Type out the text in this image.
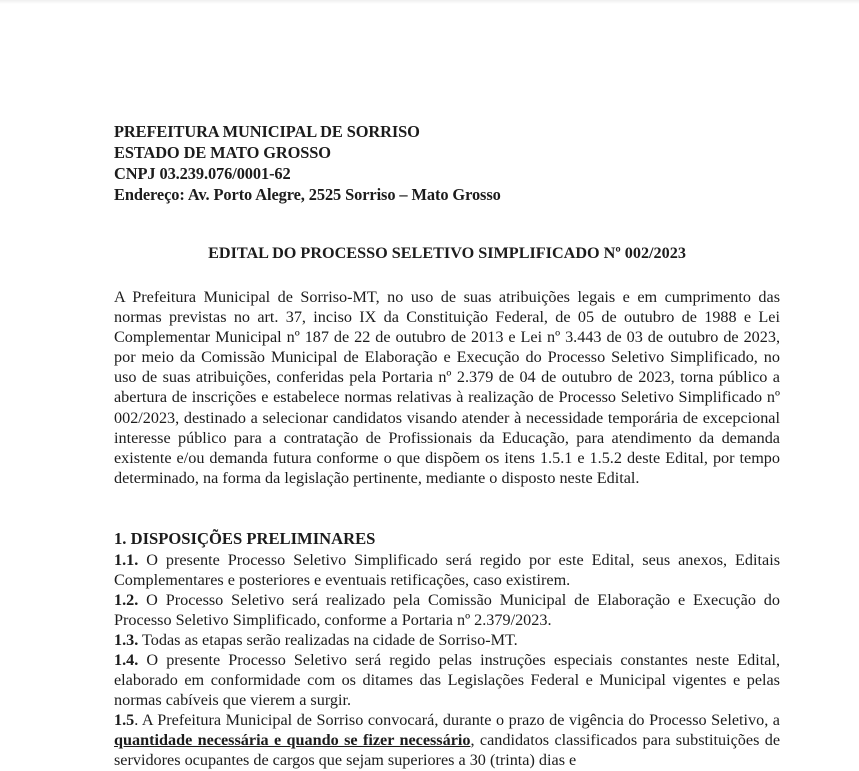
PREFEITURA MUNICIPAL DE SORRISO
ESTADO DE MATO GROSSO
CNPJ 03.239.076/0001-62
Endereço: Av. Porto Alegre, 2525 Sorriso – Mato Grosso
EDITAL DO PROCESSO SELETIVO SIMPLIFICADO Nº 002/2023

A Prefeitura Municipal de Sorriso-MT, no uso de suas atribuições legais e em cumprimento das normas previstas no art. 37, inciso IX da Constituição Federal, de 05 de outubro de 1988 e Lei Complementar Municipal nº 187 de 22 de outubro de 2013 e Lei nº 3.443 de 03 de outubro de 2023, por meio da Comissão Municipal de Elaboração e Execução do Processo Seletivo Simplificado, no uso de suas atribuições, conferidas pela Portaria nº 2.379 de 04 de outubro de 2023, torna público a abertura de inscrições e estabelece normas relativas à realização de Processo Seletivo Simplificado nº 002/2023, destinado a selecionar candidatos visando atender à necessidade temporária de excepcional interesse público para a contratação de Profissionais da Educação, para atendimento da demanda existente e/ou demanda futura conforme o que dispõem os itens 1.5.1 e 1.5.2 deste Edital, por tempo determinado, na forma da legislação pertinente, mediante o disposto neste Edital.

1. DISPOSIÇÕES PRELIMINARES

1.1. O presente Processo Seletivo Simplificado será regido por este Edital, seus anexos, Editais Complementares e posteriores e eventuais retificações, caso existirem.

1.2. O Processo Seletivo será realizado pela Comissão Municipal de Elaboração e Execução do Processo Seletivo Simplificado, conforme a Portaria nº 2.379/2023.

1.3. Todas as etapas serão realizadas na cidade de Sorriso-MT.

1.4. O presente Processo Seletivo será regido pelas instruções especiais constantes neste Edital, elaborado em conformidade com os ditames das Legislações Federal e Municipal vigentes e pelas normas cabíveis que vierem a surgir.

1.5. A Prefeitura Municipal de Sorriso convocará, durante o prazo de vigência do Processo Seletivo, a quantidade necessária e quando se fizer necessário, candidatos classificados para substituições de servidores ocupantes de cargos que sejam superiores a 30 (trinta) dias e
